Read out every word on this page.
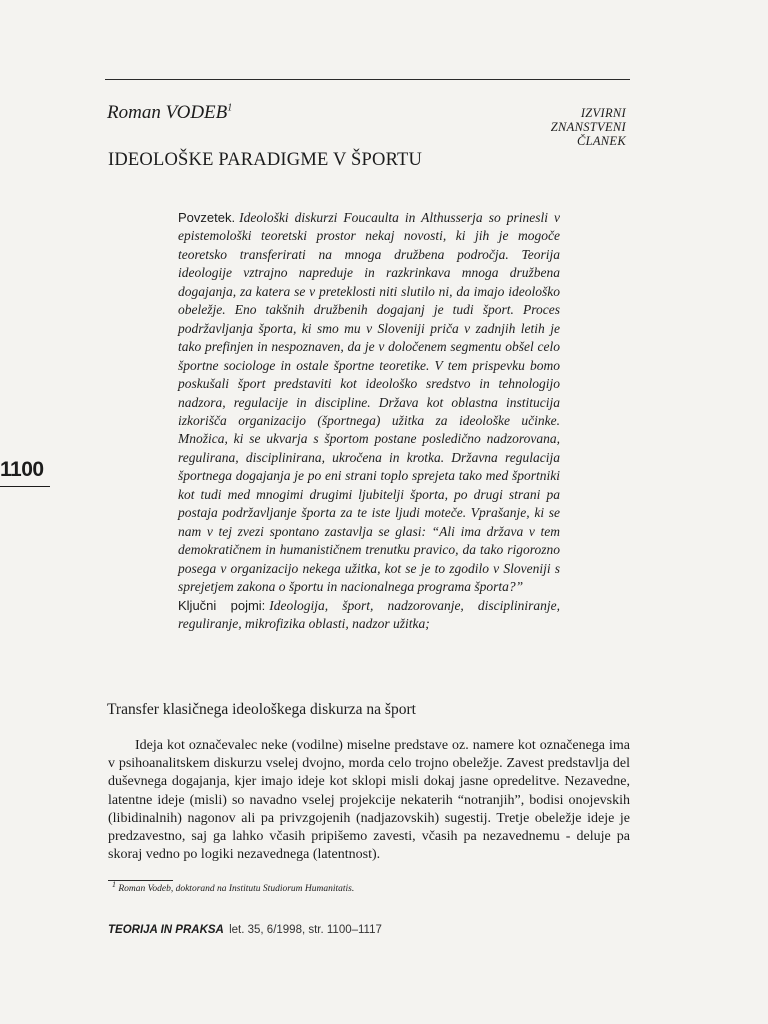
Roman VODEB$^1$	IZVIRNI
ZNANSTVENI
ČLANEK
IDEOLOŠKE PARADIGME V ŠPORTU

Povzetek. Ideološki diskurzi Foucaulta in Althusserja so prinesli v epistemološki teoretski prostor nekaj novosti, ki jih je mogoče teoretsko transferirati na mnoga družbena področja. Teorija ideologije vztrajno napreduje in razkrinkava mnoga družbena dogajanja, za katera se v preteklosti niti slutilo ni, da imajo ideološko obeležje. Eno takšnih družbenih dogajanj je tudi šport. Proces podržavljanja športa, ki smo mu v Sloveniji priča v zadnjih letih je tako prefinjen in nespoznaven, da je v določenem segmentu obšel celo športne sociologe in ostale športne teoretike. V tem prispevku bomo poskušali šport predstaviti kot ideološko sredstvo in tehnologijo nadzora, regulacije in discipline. Država kot oblastna institucija izkorišča organizacijo (športnega) užitka za ideološke učinke. Množica, ki se ukvarja s športom postane posledično nadzorovana, regulirana, disciplinirana, ukročena in krotka. Državna regulacija športnega dogajanja je po eni strani toplo sprejeta tako med športniki kot tudi med mnogimi drugimi ljubitelji športa, po drugi strani pa postaja podržavljanje športa za te iste ljudi moteče. Vprašanje, ki se nam v tej zvezi spontano zastavlja se glasi: “Ali ima država v tem demokratičnem in humanističnem trenutku pravico, da tako rigorozno posega v organizacijo nekega užitka, kot se je to zgodilo v Sloveniji s sprejetjem zakona o športu in nacionalnega programa športa?”

Ključni pojmi: Ideologija, šport, nadzorovanje, discipliniranje, reguliranje, mikrofizika oblasti, nadzor užitka;

1100
Transfer klasičnega ideološkega diskurza na šport

Ideja kot označevalec neke (vodilne) miselne predstave oz. namere kot označenega ima v psihoanalitskem diskurzu vselej dvojno, morda celo trojno obeležje. Zavest predstavlja del duševnega dogajanja, kjer imajo ideje kot sklopi misli dokaj jasne opredelitve. Nezavedne, latentne ideje (misli) so navadno vselej projekcije nekaterih “notranjih”, bodisi onojevskih (libidinalnih) nagonov ali pa privzgojenih (nadjazovskih) sugestij. Tretje obeležje ideje je predzavestno, saj ga lahko včasih pripišemo zavesti, včasih pa nezavednemu - deluje pa skoraj vedno po logiki nezavednega (latentnost).

$^1$ Roman Vodeb, doktorand na Institutu Studiorum Humanitatis.
TEORIJA IN PRAKSA let. 35, 6/1998, str. 1100–1117
